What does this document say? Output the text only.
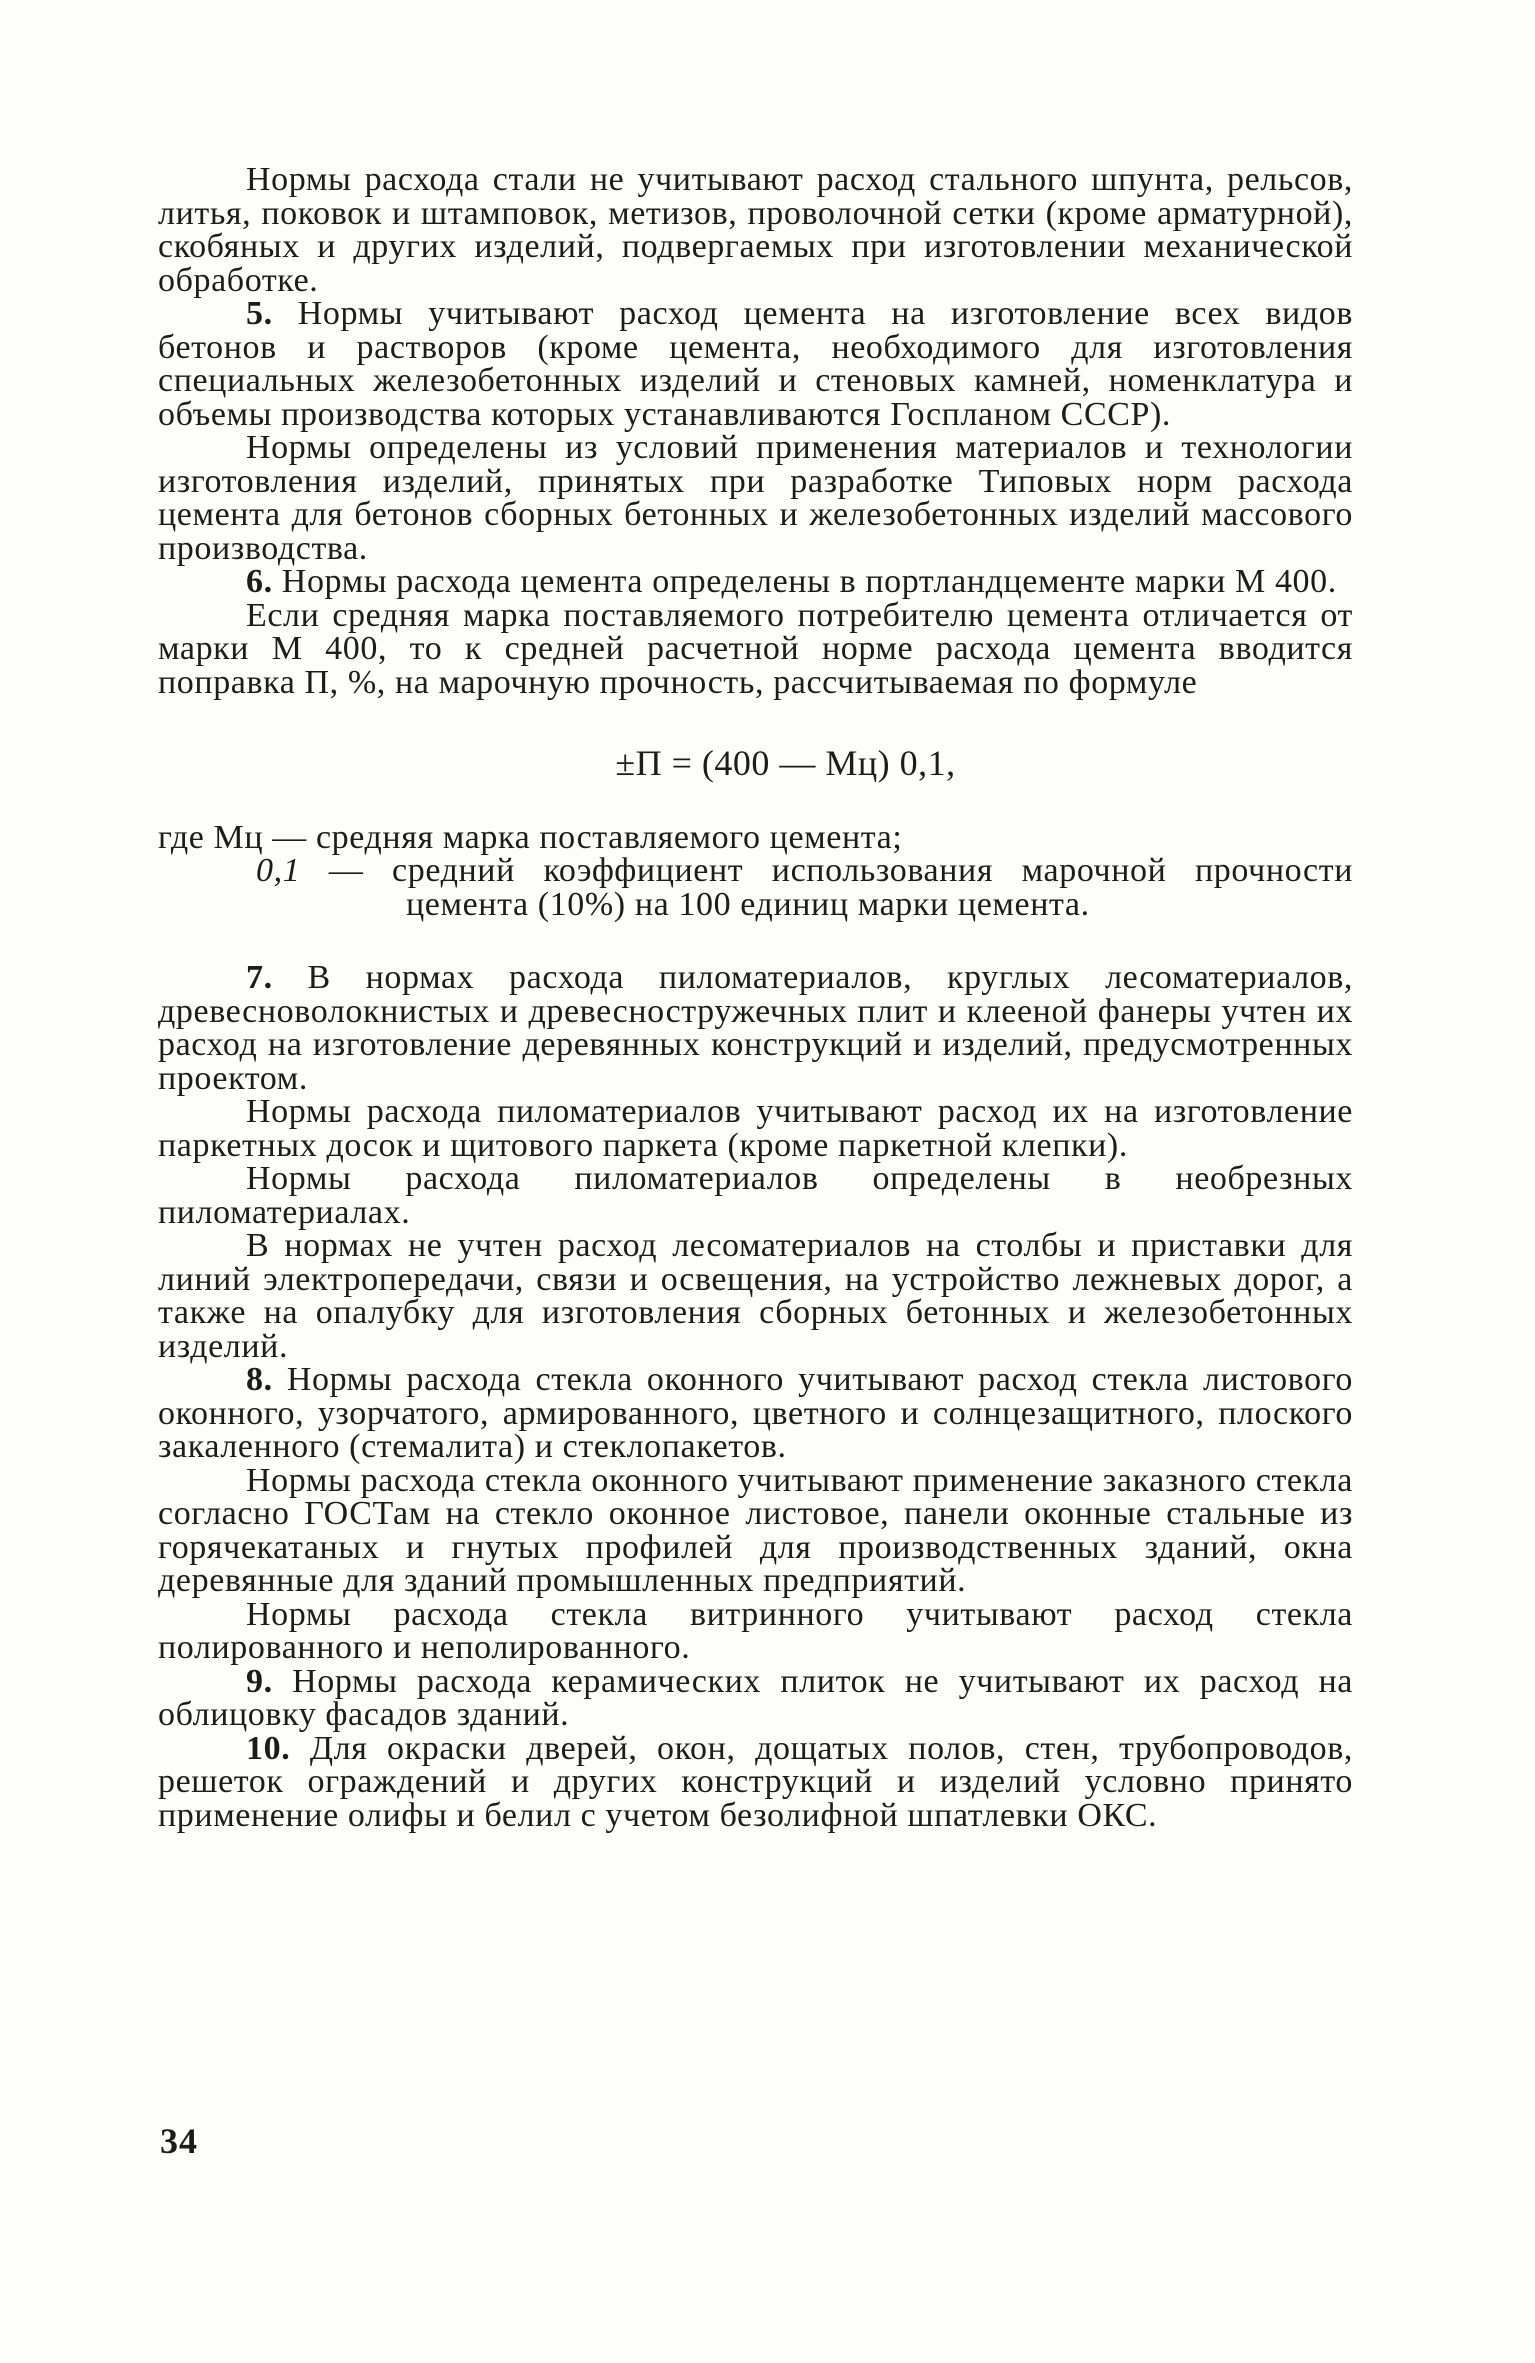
Нормы расхода стали не учитывают расход стального шпунта, рельсов, литья, поковок и штамповок, метизов, проволочной сетки (кроме арматурной), скобяных и других изделий, подвергаемых при изготовлении механической обработке.

5. Нормы учитывают расход цемента на изготовление всех видов бетонов и растворов (кроме цемента, необходимого для изготовления специальных железобетонных изделий и стеновых камней, номенклатура и объемы производства которых устанавливаются Госпланом СССР).

Нормы определены из условий применения материалов и технологии изготовления изделий, принятых при разработке Типовых норм расхода цемента для бетонов сборных бетонных и железобетонных изделий массового производства.

6. Нормы расхода цемента определены в портландцементе марки М 400.

Если средняя марка поставляемого потребителю цемента отличается от марки М 400, то к средней расчетной норме расхода цемента вводится поправка П, %, на марочную прочность, рассчитываемая по формуле

±П = (400 — Мц) 0,1,

где Мц — средняя марка поставляемого цемента;

0,1 — средний коэффициент использования марочной прочности цемента (10%) на 100 единиц марки цемента.

7. В нормах расхода пиломатериалов, круглых лесоматериалов, древесноволокнистых и древесностружечных плит и клееной фанеры учтен их расход на изготовление деревянных конструкций и изделий, предусмотренных проектом.

Нормы расхода пиломатериалов учитывают расход их на изготовление паркетных досок и щитового паркета (кроме паркетной клепки).

Нормы расхода пиломатериалов определены в необрезных пиломатериалах.

В нормах не учтен расход лесоматериалов на столбы и приставки для линий электропередачи, связи и освещения, на устройство лежневых дорог, а также на опалубку для изготовления сборных бетонных и железобетонных изделий.

8. Нормы расхода стекла оконного учитывают расход стекла листового оконного, узорчатого, армированного, цветного и солнцезащитного, плоского закаленного (стемалита) и стеклопакетов.

Нормы расхода стекла оконного учитывают применение заказного стекла согласно ГОСТам на стекло оконное листовое, панели оконные стальные из горячекатаных и гнутых профилей для производственных зданий, окна деревянные для зданий промышленных предприятий.

Нормы расхода стекла витринного учитывают расход стекла полированного и неполированного.

9. Нормы расхода керамических плиток не учитывают их расход на облицовку фасадов зданий.

10. Для окраски дверей, окон, дощатых полов, стен, трубопроводов, решеток ограждений и других конструкций и изделий условно принято применение олифы и белил с учетом безолифной шпатлевки ОКС.

34
